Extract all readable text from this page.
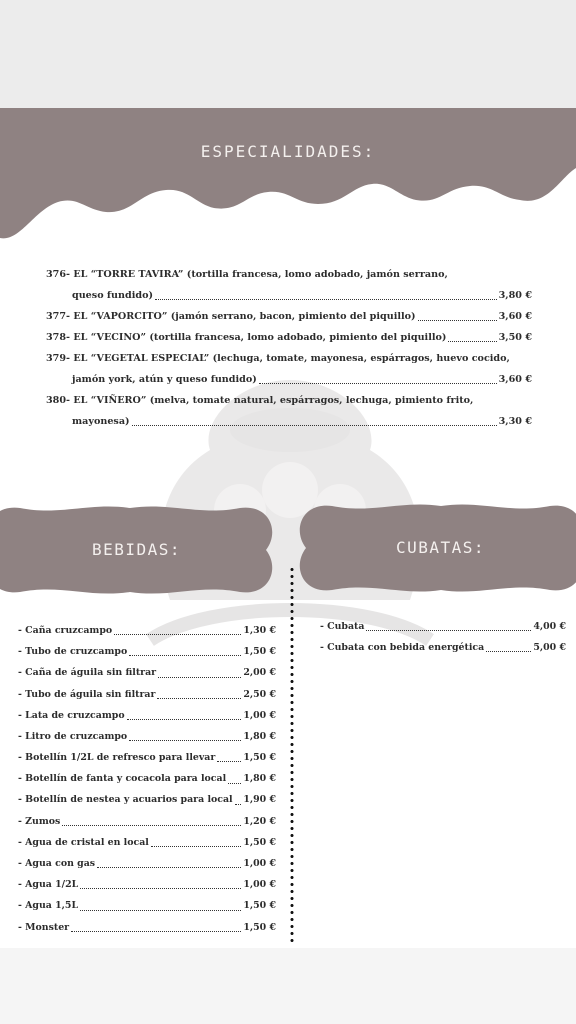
ESPECIALIDADES:
376- EL “TORRE TAVIRA” (tortilla francesa, lomo adobado, jamón serrano,
queso fundido)	3,80 €
377- EL “VAPORCITO” (jamón serrano, bacon, pimiento del piquillo)	3,60 €
378- EL “VECINO” (tortilla francesa, lomo adobado, pimiento del piquillo)	3,50 €
379- EL “VEGETAL ESPECIAL” (lechuga, tomate, mayonesa, espárragos, huevo cocido,
jamón york, atún y queso fundido)	3,60 €
380- EL “VIÑERO” (melva, tomate natural, espárragos, lechuga, pimiento frito,
mayonesa)	3,30 €
BEBIDAS:	CUBATAS:
- Caña cruzcampo	1,30 €
- Tubo de cruzcampo	1,50 €
- Caña de águila sin filtrar	2,00 €
- Tubo de águila sin filtrar	2,50 €
- Lata de cruzcampo	1,00 €
- Litro de cruzcampo	1,80 €
- Botellín 1/2L de refresco para llevar	1,50 €
- Botellín de fanta y cocacola para local 1,80 €
- Botellín de nestea y acuarios para local 1,90 €
- Zumos	1,20 €
- Agua de cristal en local	1,50 €
- Agua con gas	1,00 €
- Agua 1/2L	1,00 €
- Agua 1,5L	1,50 €
- Monster	1,50 €
- Cubata	4,00 €
- Cubata con bebida energética	5,00 €
